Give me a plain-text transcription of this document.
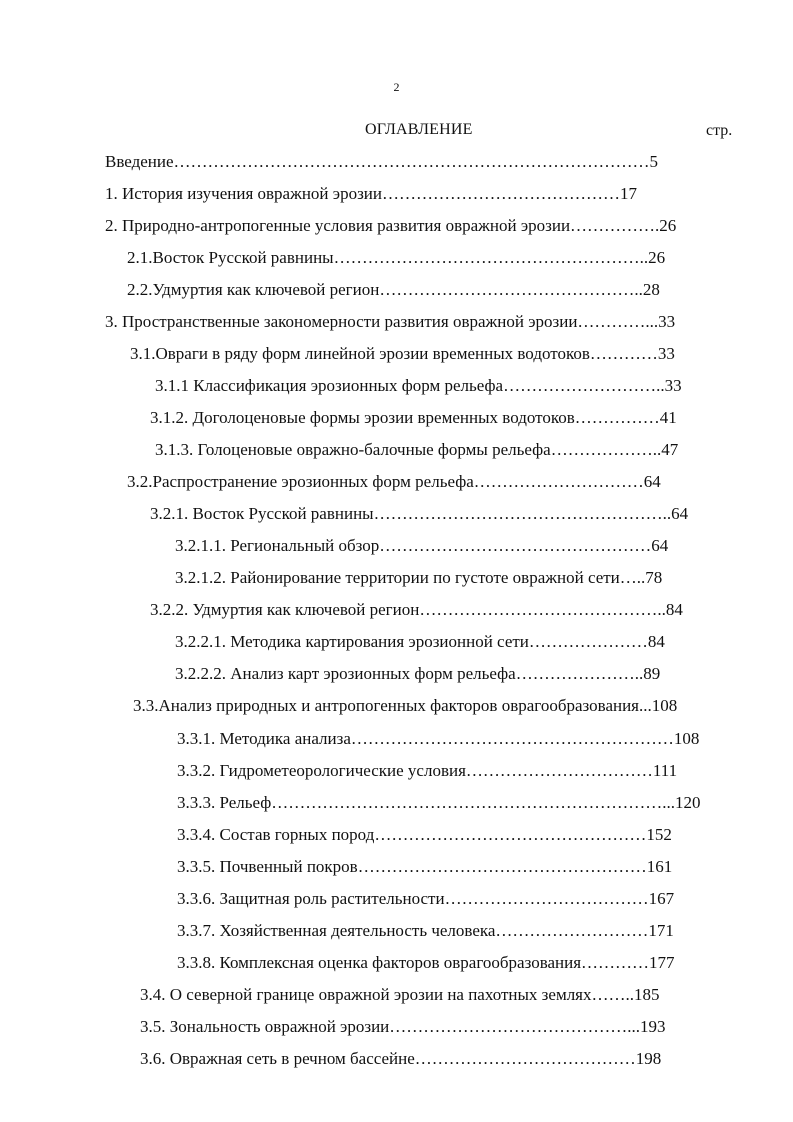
2
ОГЛАВЛЕНИЕ	стр.
Введение…………………………………………………………………………5
1. История изучения овражной эрозии……………………………………17
2. Природно-антропогенные условия развития овражной эрозии…………….26
2.1.Восток Русской равнины………………………………………………..26
2.2.Удмуртия как ключевой регион………………………………………..28
3. Пространственные закономерности развития овражной эрозии…………...33
3.1.Овраги в ряду форм линейной эрозии временных водотоков…………33
3.1.1 Классификация эрозионных форм рельефа………………………..33
3.1.2. Доголоценовые формы эрозии временных водотоков……………41
3.1.3. Голоценовые овражно-балочные формы рельефа………………..47
3.2.Распространение эрозионных форм рельефа…………………………64
3.2.1. Восток Русской равнины……………………………………………..64
3.2.1.1. Региональный обзор…………………………………………64
3.2.1.2. Районирование территории по густоте овражной сети…..78
3.2.2. Удмуртия как ключевой регион……………………………………..84
3.2.2.1. Методика картирования эрозионной сети…………………84
3.2.2.2. Анализ карт эрозионных форм рельефа…………………..89
3.3.Анализ природных и антропогенных факторов оврагообразования...108
3.3.1. Методика анализа…………………………………………………108
3.3.2. Гидрометеорологические условия……………………………111
3.3.3. Рельеф……………………………………………………………...120
3.3.4. Состав горных пород…………………………………………152
3.3.5. Почвенный покров……………………………………………161
3.3.6. Защитная роль растительности………………………………167
3.3.7. Хозяйственная деятельность человека………………………171
3.3.8. Комплексная оценка факторов оврагообразования…………177
3.4. О северной границе овражной эрозии на пахотных землях……..185
3.5. Зональность овражной эрозии……………………………………...193
3.6. Овражная сеть в речном бассейне…………………………………198
